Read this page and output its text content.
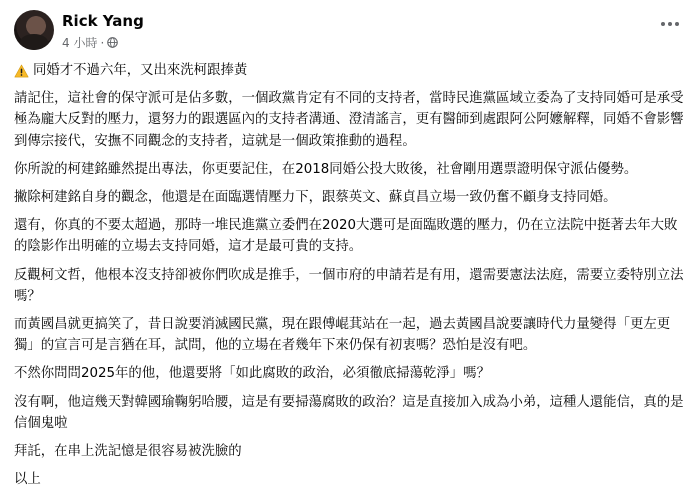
Rick Yang
4 小時 ·

同婚才不過六年，又出來洗柯跟捧黃

請記住，這社會的保守派可是佔多數，一個政黨肯定有不同的支持者，當時民進黨區域立委為了支持同婚可是承受極為龐大反對的壓力，還努力的跟選區內的支持者溝通、澄清謠言，更有醫師到處跟阿公阿嬤解釋，同婚不會影響到傳宗接代，安撫不同觀念的支持者，這就是一個政策推動的過程。

你所說的柯建銘雖然提出專法，你更要記住，在2018同婚公投大敗後，社會剛用選票證明保守派佔優勢。

撇除柯建銘自身的觀念，他還是在面臨選情壓力下，跟蔡英文、蘇貞昌立場一致仍奮不顧身支持同婚。

還有，你真的不要太超過，那時一堆民進黨立委們在2020大選可是面臨敗選的壓力，仍在立法院中挺著去年大敗的陰影作出明確的立場去支持同婚，這才是最可貴的支持。

反觀柯文哲，他根本沒支持卻被你們吹成是推手，一個市府的申請若是有用，還需要憲法法庭，需要立委特別立法嗎？

而黃國昌就更搞笑了，昔日說要消滅國民黨，現在跟傅崐萁站在一起，過去黃國昌說要讓時代力量變得「更左更獨」的宣言可是言猶在耳，試問，他的立場在者幾年下來仍保有初衷嗎？恐怕是沒有吧。

不然你問問2025年的他，他還要將「如此腐敗的政治，必須徹底掃蕩乾淨」嗎？

沒有啊，他這幾天對韓國瑜鞠躬哈腰，這是有要掃蕩腐敗的政治？這是直接加入成為小弟，這種人還能信，真的是信個鬼啦

拜託，在串上洗記憶是很容易被洗臉的

以上
